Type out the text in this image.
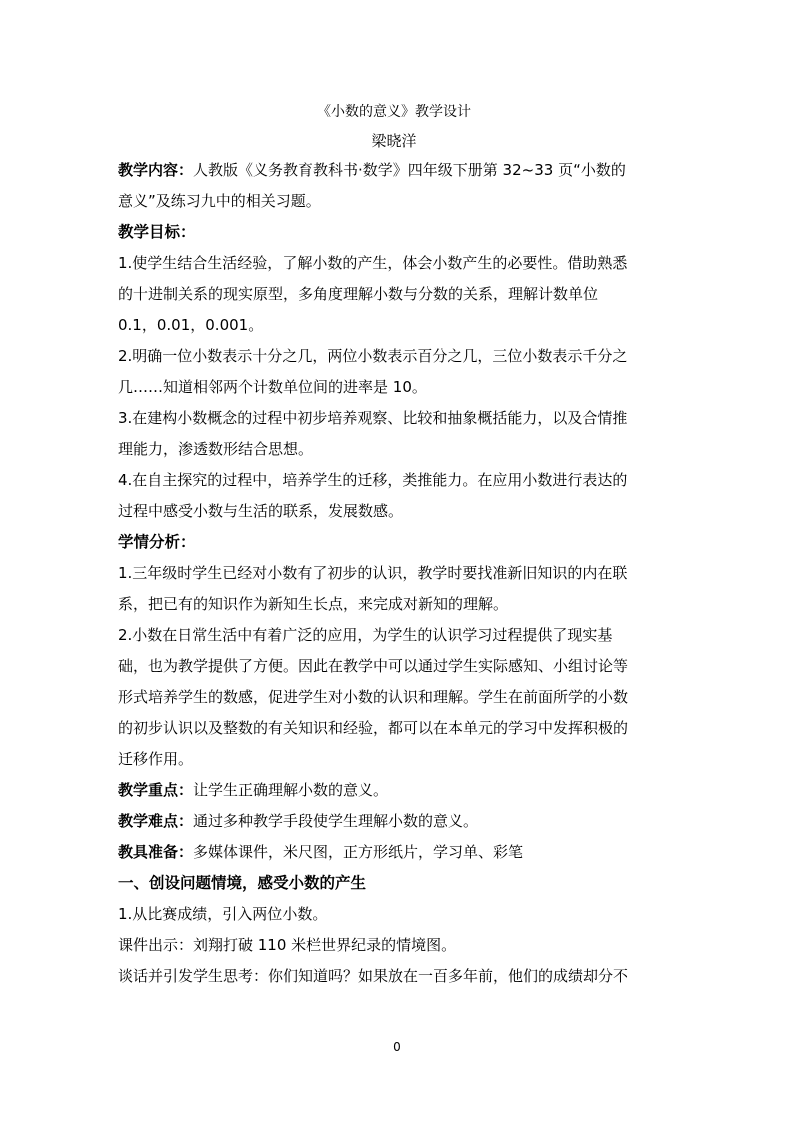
《小数的意义》教学设计
梁晓洋
教学内容：人教版《义务教育教科书·数学》四年级下册第 32~33 页“小数的
意义”及练习九中的相关习题。
教学目标：
1.使学生结合生活经验，了解小数的产生，体会小数产生的必要性。借助熟悉
的十进制关系的现实原型，多角度理解小数与分数的关系，理解计数单位
0.1，0.01，0.001。
2.明确一位小数表示十分之几，两位小数表示百分之几，三位小数表示千分之
几……知道相邻两个计数单位间的进率是 10。
3.在建构小数概念的过程中初步培养观察、比较和抽象概括能力，以及合情推
理能力，渗透数形结合思想。
4.在自主探究的过程中，培养学生的迁移，类推能力。在应用小数进行表达的
过程中感受小数与生活的联系，发展数感。
学情分析：
1.三年级时学生已经对小数有了初步的认识，教学时要找准新旧知识的内在联
系，把已有的知识作为新知生长点，来完成对新知的理解。
2.小数在日常生活中有着广泛的应用，为学生的认识学习过程提供了现实基
础，也为教学提供了方便。因此在教学中可以通过学生实际感知、小组讨论等
形式培养学生的数感，促进学生对小数的认识和理解。学生在前面所学的小数
的初步认识以及整数的有关知识和经验，都可以在本单元的学习中发挥积极的
迁移作用。
教学重点：让学生正确理解小数的意义。
教学难点：通过多种教学手段使学生理解小数的意义。
教具准备：多媒体课件，米尺图，正方形纸片，学习单、彩笔
一、创设问题情境，感受小数的产生
1.从比赛成绩，引入两位小数。
课件出示：刘翔打破 110 米栏世界纪录的情境图。
谈话并引发学生思考：你们知道吗？如果放在一百多年前，他们的成绩却分不
0
